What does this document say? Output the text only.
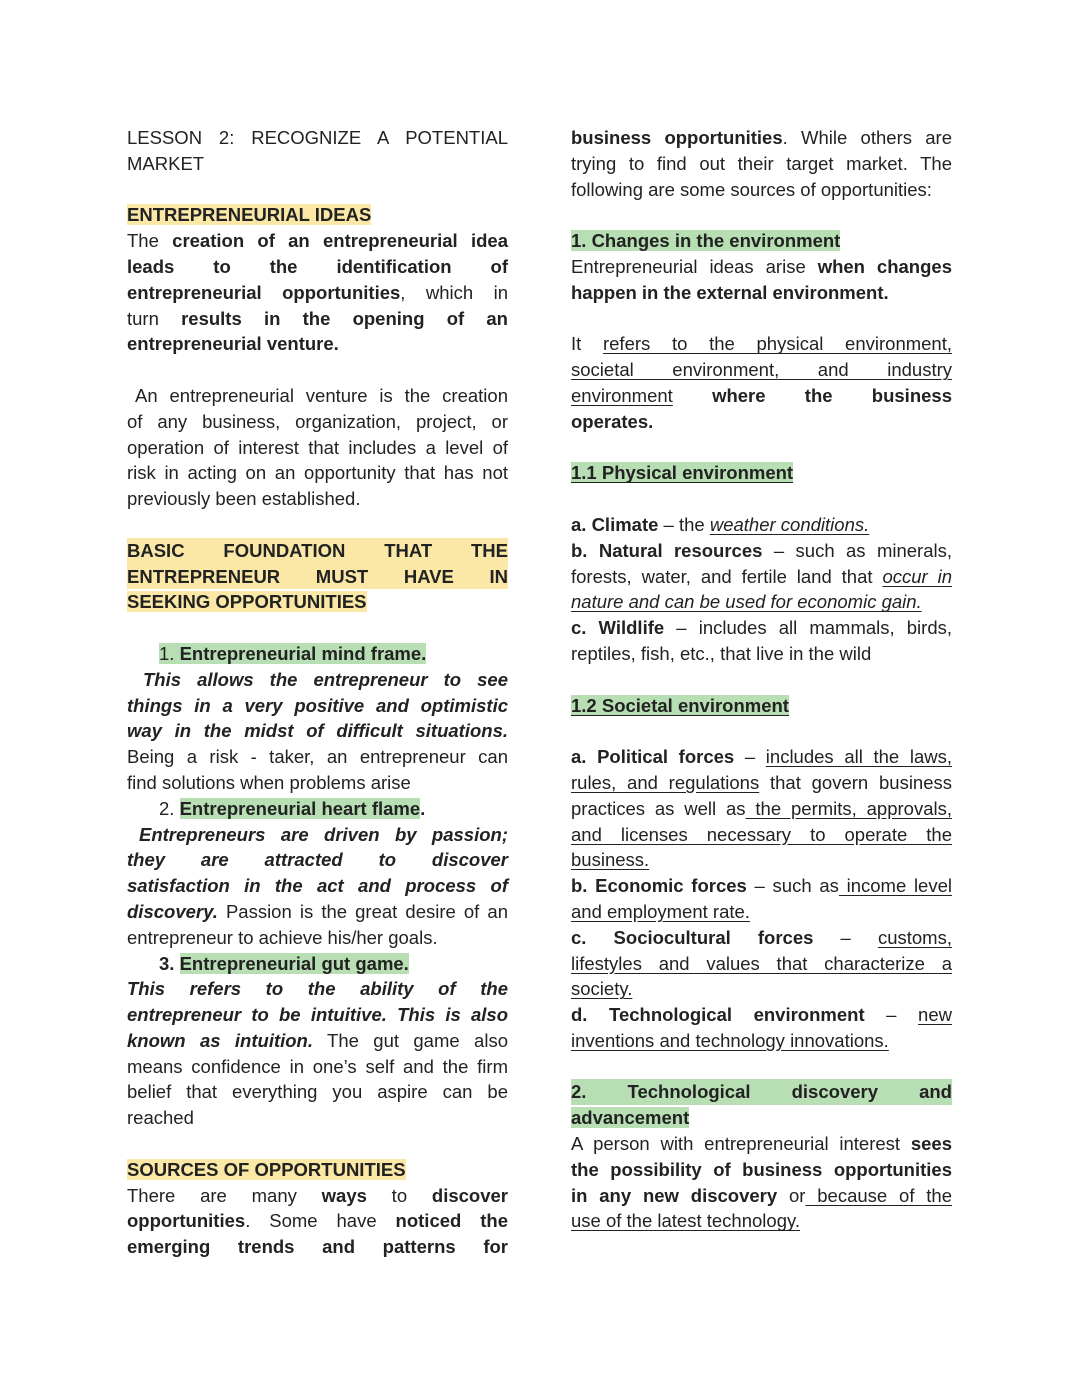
LESSON 2: RECOGNIZE A POTENTIAL

MARKET

ENTREPRENEURIAL IDEAS

The creation of an entrepreneurial idea

leads to the identification of

entrepreneurial opportunities, which in

turn results in the opening of an

entrepreneurial venture.

An entrepreneurial venture is the creation

of any business, organization, project, or

operation of interest that includes a level of

risk in acting on an opportunity that has not

previously been established.

BASIC FOUNDATION THAT THE

ENTREPRENEUR MUST HAVE IN

SEEKING OPPORTUNITIES

1. Entrepreneurial mind frame.

This allows the entrepreneur to see

things in a very positive and optimistic

way in the midst of difficult situations.

Being a risk - taker, an entrepreneur can

find solutions when problems arise

2. Entrepreneurial heart flame.

Entrepreneurs are driven by passion;

they are attracted to discover

satisfaction in the act and process of

discovery. Passion is the great desire of an

entrepreneur to achieve his/her goals.

3. Entrepreneurial gut game.

This refers to the ability of the

entrepreneur to be intuitive. This is also

known as intuition. The gut game also

means confidence in one’s self and the firm

belief that everything you aspire can be

reached

SOURCES OF OPPORTUNITIES

There are many ways to discover

opportunities. Some have noticed the

emerging trends and patterns for

business opportunities. While others are

trying to find out their target market. The

following are some sources of opportunities:

1. Changes in the environment

Entrepreneurial ideas arise when changes

happen in the external environment.

It refers to the physical environment,

societal environment, and industry

environment where the business

operates.

1.1 Physical environment

a. Climate – the weather conditions.

b. Natural resources – such as minerals,

forests, water, and fertile land that occur in

nature and can be used for economic gain.

c. Wildlife – includes all mammals, birds,

reptiles, fish, etc., that live in the wild

1.2 Societal environment

a. Political forces – includes all the laws,

rules, and regulations that govern business

practices as well as the permits, approvals,

and licenses necessary to operate the

business.

b. Economic forces – such as income level

and employment rate.

c. Sociocultural forces – customs,

lifestyles and values that characterize a

society.

d. Technological environment – new

inventions and technology innovations.

2. Technological discovery and

advancement

A person with entrepreneurial interest sees

the possibility of business opportunities

in any new discovery or because of the

use of the latest technology.
